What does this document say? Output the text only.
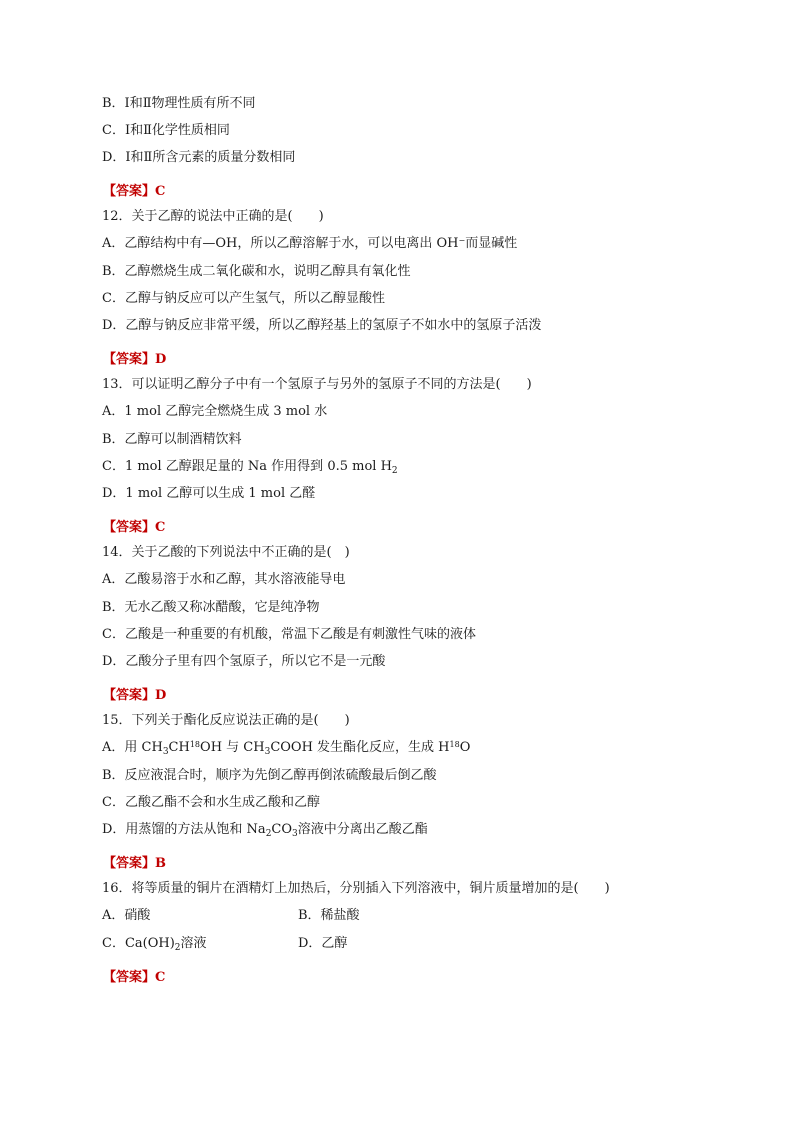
B．Ⅰ和Ⅱ物理性质有所不同
C．Ⅰ和Ⅱ化学性质相同
D．Ⅰ和Ⅱ所含元素的质量分数相同
【答案】C
12．关于乙醇的说法中正确的是(　　)
A．乙醇结构中有—OH，所以乙醇溶解于水，可以电离出 OH−而显碱性
B．乙醇燃烧生成二氧化碳和水，说明乙醇具有氧化性
C．乙醇与钠反应可以产生氢气，所以乙醇显酸性
D．乙醇与钠反应非常平缓，所以乙醇羟基上的氢原子不如水中的氢原子活泼
【答案】D
13．可以证明乙醇分子中有一个氢原子与另外的氢原子不同的方法是(　　)
A．1 mol 乙醇完全燃烧生成 3 mol 水
B．乙醇可以制酒精饮料
C．1 mol 乙醇跟足量的 Na 作用得到 0.5 mol $H_2$
D．1 mol 乙醇可以生成 1 mol 乙醛
【答案】C
14．关于乙酸的下列说法中不正确的是(　)
A．乙酸易溶于水和乙醇，其水溶液能导电
B．无水乙酸又称冰醋酸，它是纯净物
C．乙酸是一种重要的有机酸，常温下乙酸是有刺激性气味的液体
D．乙酸分子里有四个氢原子，所以它不是一元酸
【答案】D
15．下列关于酯化反应说法正确的是(　　)
A．用 $CH_3CH^{18}OH$ 与 $CH_3COOH$ 发生酯化反应，生成 $H^{18}O$
B．反应液混合时，顺序为先倒乙醇再倒浓硫酸最后倒乙酸
C．乙酸乙酯不会和水生成乙酸和乙醇
D．用蒸馏的方法从饱和 $Na_2CO_3$溶液中分离出乙酸乙酯
【答案】B
16．将等质量的铜片在酒精灯上加热后，分别插入下列溶液中，铜片质量增加的是(　　)
A．硝酸	B．稀盐酸
C．$Ca(OH)_2$溶液	D．乙醇
【答案】C
